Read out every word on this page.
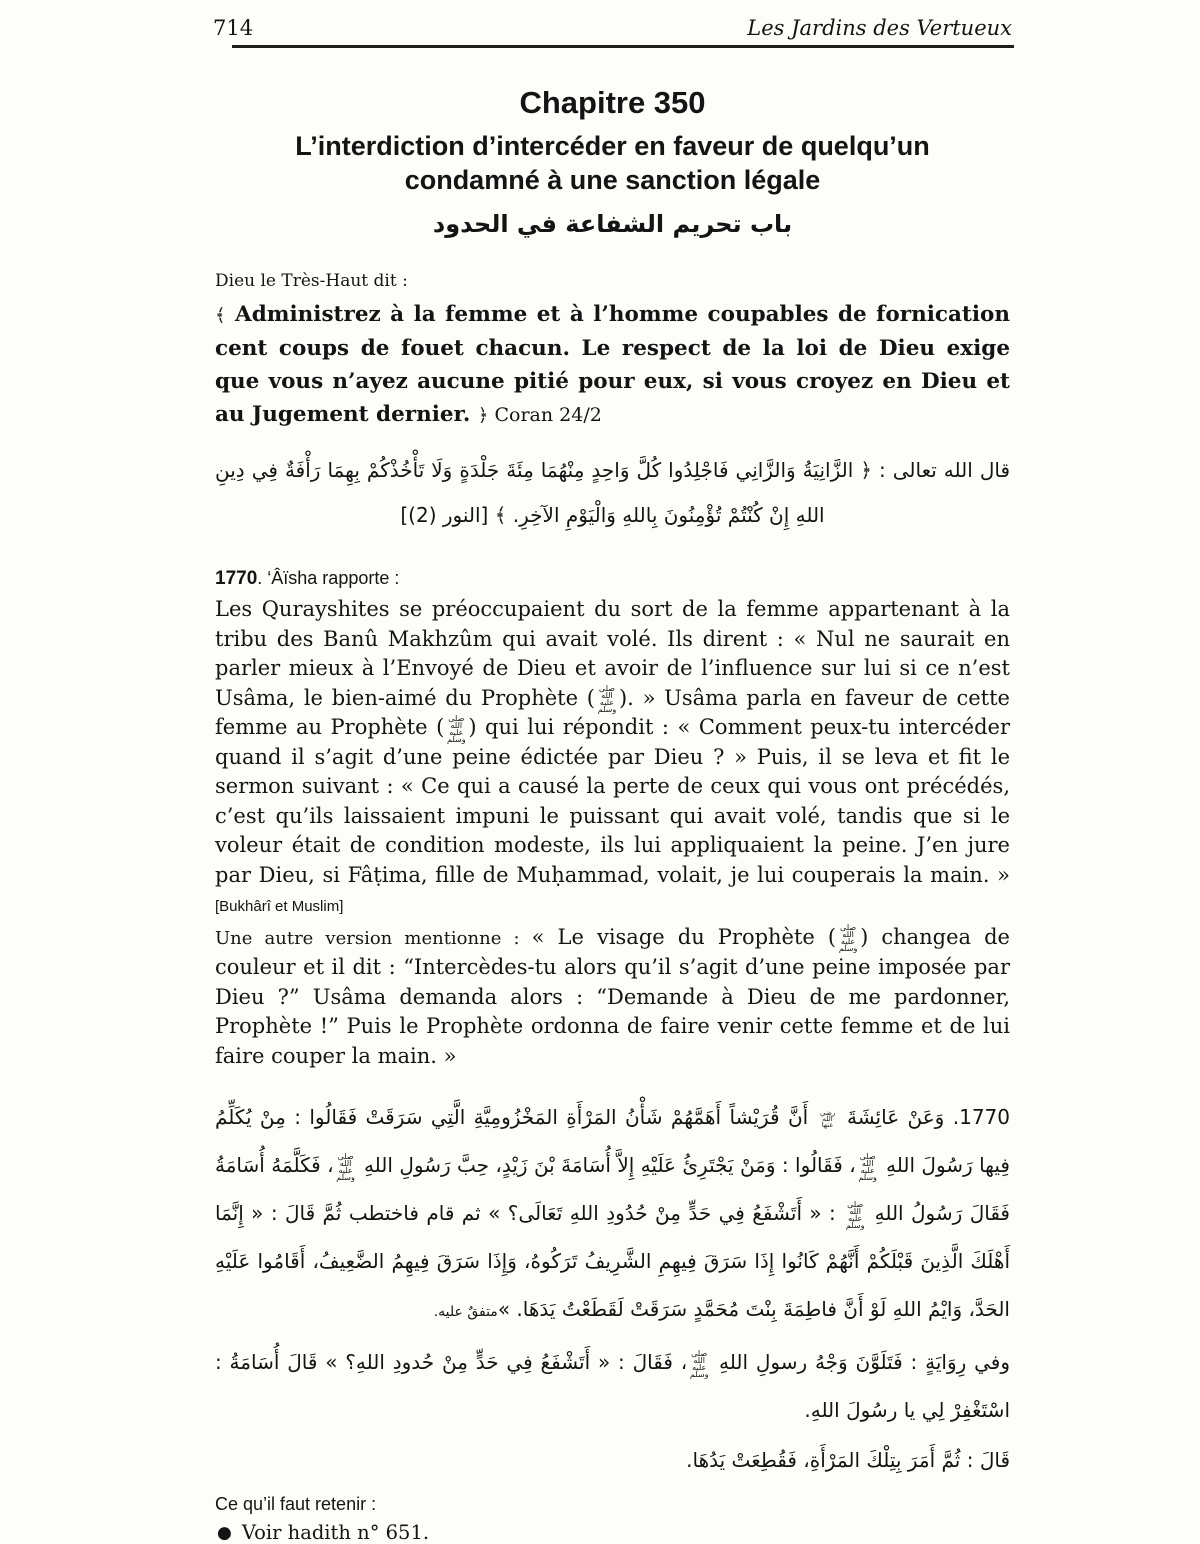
714	Les Jardins des Vertueux
Chapitre 350
L’interdiction d’intercéder en faveur de quelqu’un
condamné à une sanction légale
باب تحريم الشفاعة في الحدود

Dieu le Très-Haut dit :

﴾ Administrez à la femme et à l’homme coupables de fornication cent coups de fouet chacun. Le respect de la loi de Dieu exige que vous n’ayez aucune pitié pour eux, si vous croyez en Dieu et au Jugement dernier. ﴿ Coran 24/2

قال الله تعالى : ﴿ الزَّانِيَةُ وَالزَّانِي فَاجْلِدُوا كُلَّ وَاحِدٍ مِنْهُمَا مِئَةَ جَلْدَةٍ وَلَا تَأْخُذْكُمْ بِهِمَا رَأْفَةٌ فِي دِينِ اللهِ إِنْ كُنْتُمْ تُؤْمِنُونَ بِاللهِ وَالْيَوْمِ الآخِرِ. ﴾ [النور (2)]

1770. ‘Âïsha rapporte :

Les Qurayshites se préoccupaient du sort de la femme appartenant à la tribu des Banû Makhzûm qui avait volé. Ils dirent : « Nul ne saurait en parler mieux à l’Envoyé de Dieu et avoir de l’influence sur lui si ce n’est Usâma, le bien-aimé du Prophète ( صلى الله عليه وسلم ). » Usâma parla en faveur de cette femme au Prophète ( صلى الله عليه وسلم ) qui lui répondit : « Comment peux-tu intercéder quand il s’agit d’une peine édictée par Dieu ? » Puis, il se leva et fit le sermon suivant : « Ce qui a causé la perte de ceux qui vous ont précédés, c’est qu’ils laissaient impuni le puissant qui avait volé, tandis que si le voleur était de condition modeste, ils lui appliquaient la peine. J’en jure par Dieu, si Fâṭima, fille de Muḥammad, volait, je lui couperais la main. » [Bukhârî et Muslim]

Une autre version mentionne : « Le visage du Prophète ( صلى الله عليه وسلم ) changea de couleur et il dit : “Intercèdes-tu alors qu’il s’agit d’une peine imposée par Dieu ?” Usâma demanda alors : “Demande à Dieu de me pardonner, Prophète !” Puis le Prophète ordonna de faire venir cette femme et de lui faire couper la main. »

1770. وَعَنْ عَائِشَةَ رضي الله عنها أَنَّ قُرَيْشاً أَهَمَّهُمْ شَأْنُ المَرْأَةِ المَخْزُومِيَّةِ الَّتِي سَرَقَتْ فَقَالُوا : مِنْ يُكَلِّمُ فِيها رَسُولَ اللهِ صلى الله عليه وسلم، فَقَالُوا : وَمَنْ يَجْتَرِئُ عَلَيْهِ إِلاَّ أُسَامَةَ بْنَ زَيْدٍ، حِبَّ رَسُولِ اللهِ صلى الله عليه وسلم، فَكَلَّمَهُ أُسَامَةُ فَقَالَ رَسُولُ اللهِ صلى الله عليه وسلم : « أَتَشْفَعُ فِي حَدٍّ مِنْ حُدُودِ اللهِ تَعَالَى؟ » ثم قام فاختطب ثُمَّ قَالَ : « إِنَّمَا أَهْلَكَ الَّذِينَ قَبْلَكُمْ أَنَّهُمْ كَانُوا إِذَا سَرَقَ فِيهِمِ الشَّرِيفُ تَرَكُوهُ، وَإِذَا سَرَقَ فِيهِمُ الضَّعِيفُ، أَقَامُوا عَلَيْهِ الحَدَّ، وَايْمُ اللهِ لَوْ أَنَّ فاطِمَةَ بِنْتَ مُحَمَّدٍ سَرَقَتْ لَقَطَعْتُ يَدَهَا. »متفقٌ عليه.

وفي رِوَايَةٍ : فَتَلَوَّنَ وَجْهُ رسولِ اللهِ صلى الله عليه وسلم، فَقَالَ : « أَتَشْفَعُ فِي حَدٍّ مِنْ حُدودِ اللهِ؟ » قَالَ أُسَامَةُ : اسْتَغْفِرْ لِي يا رسُولَ اللهِ.

قَالَ : ثُمَّ أَمَرَ بِتِلْكَ المَرْأَةِ، فَقُطِعَتْ يَدُهَا.

Ce qu’il faut retenir :

● Voir hadith n° 651.
